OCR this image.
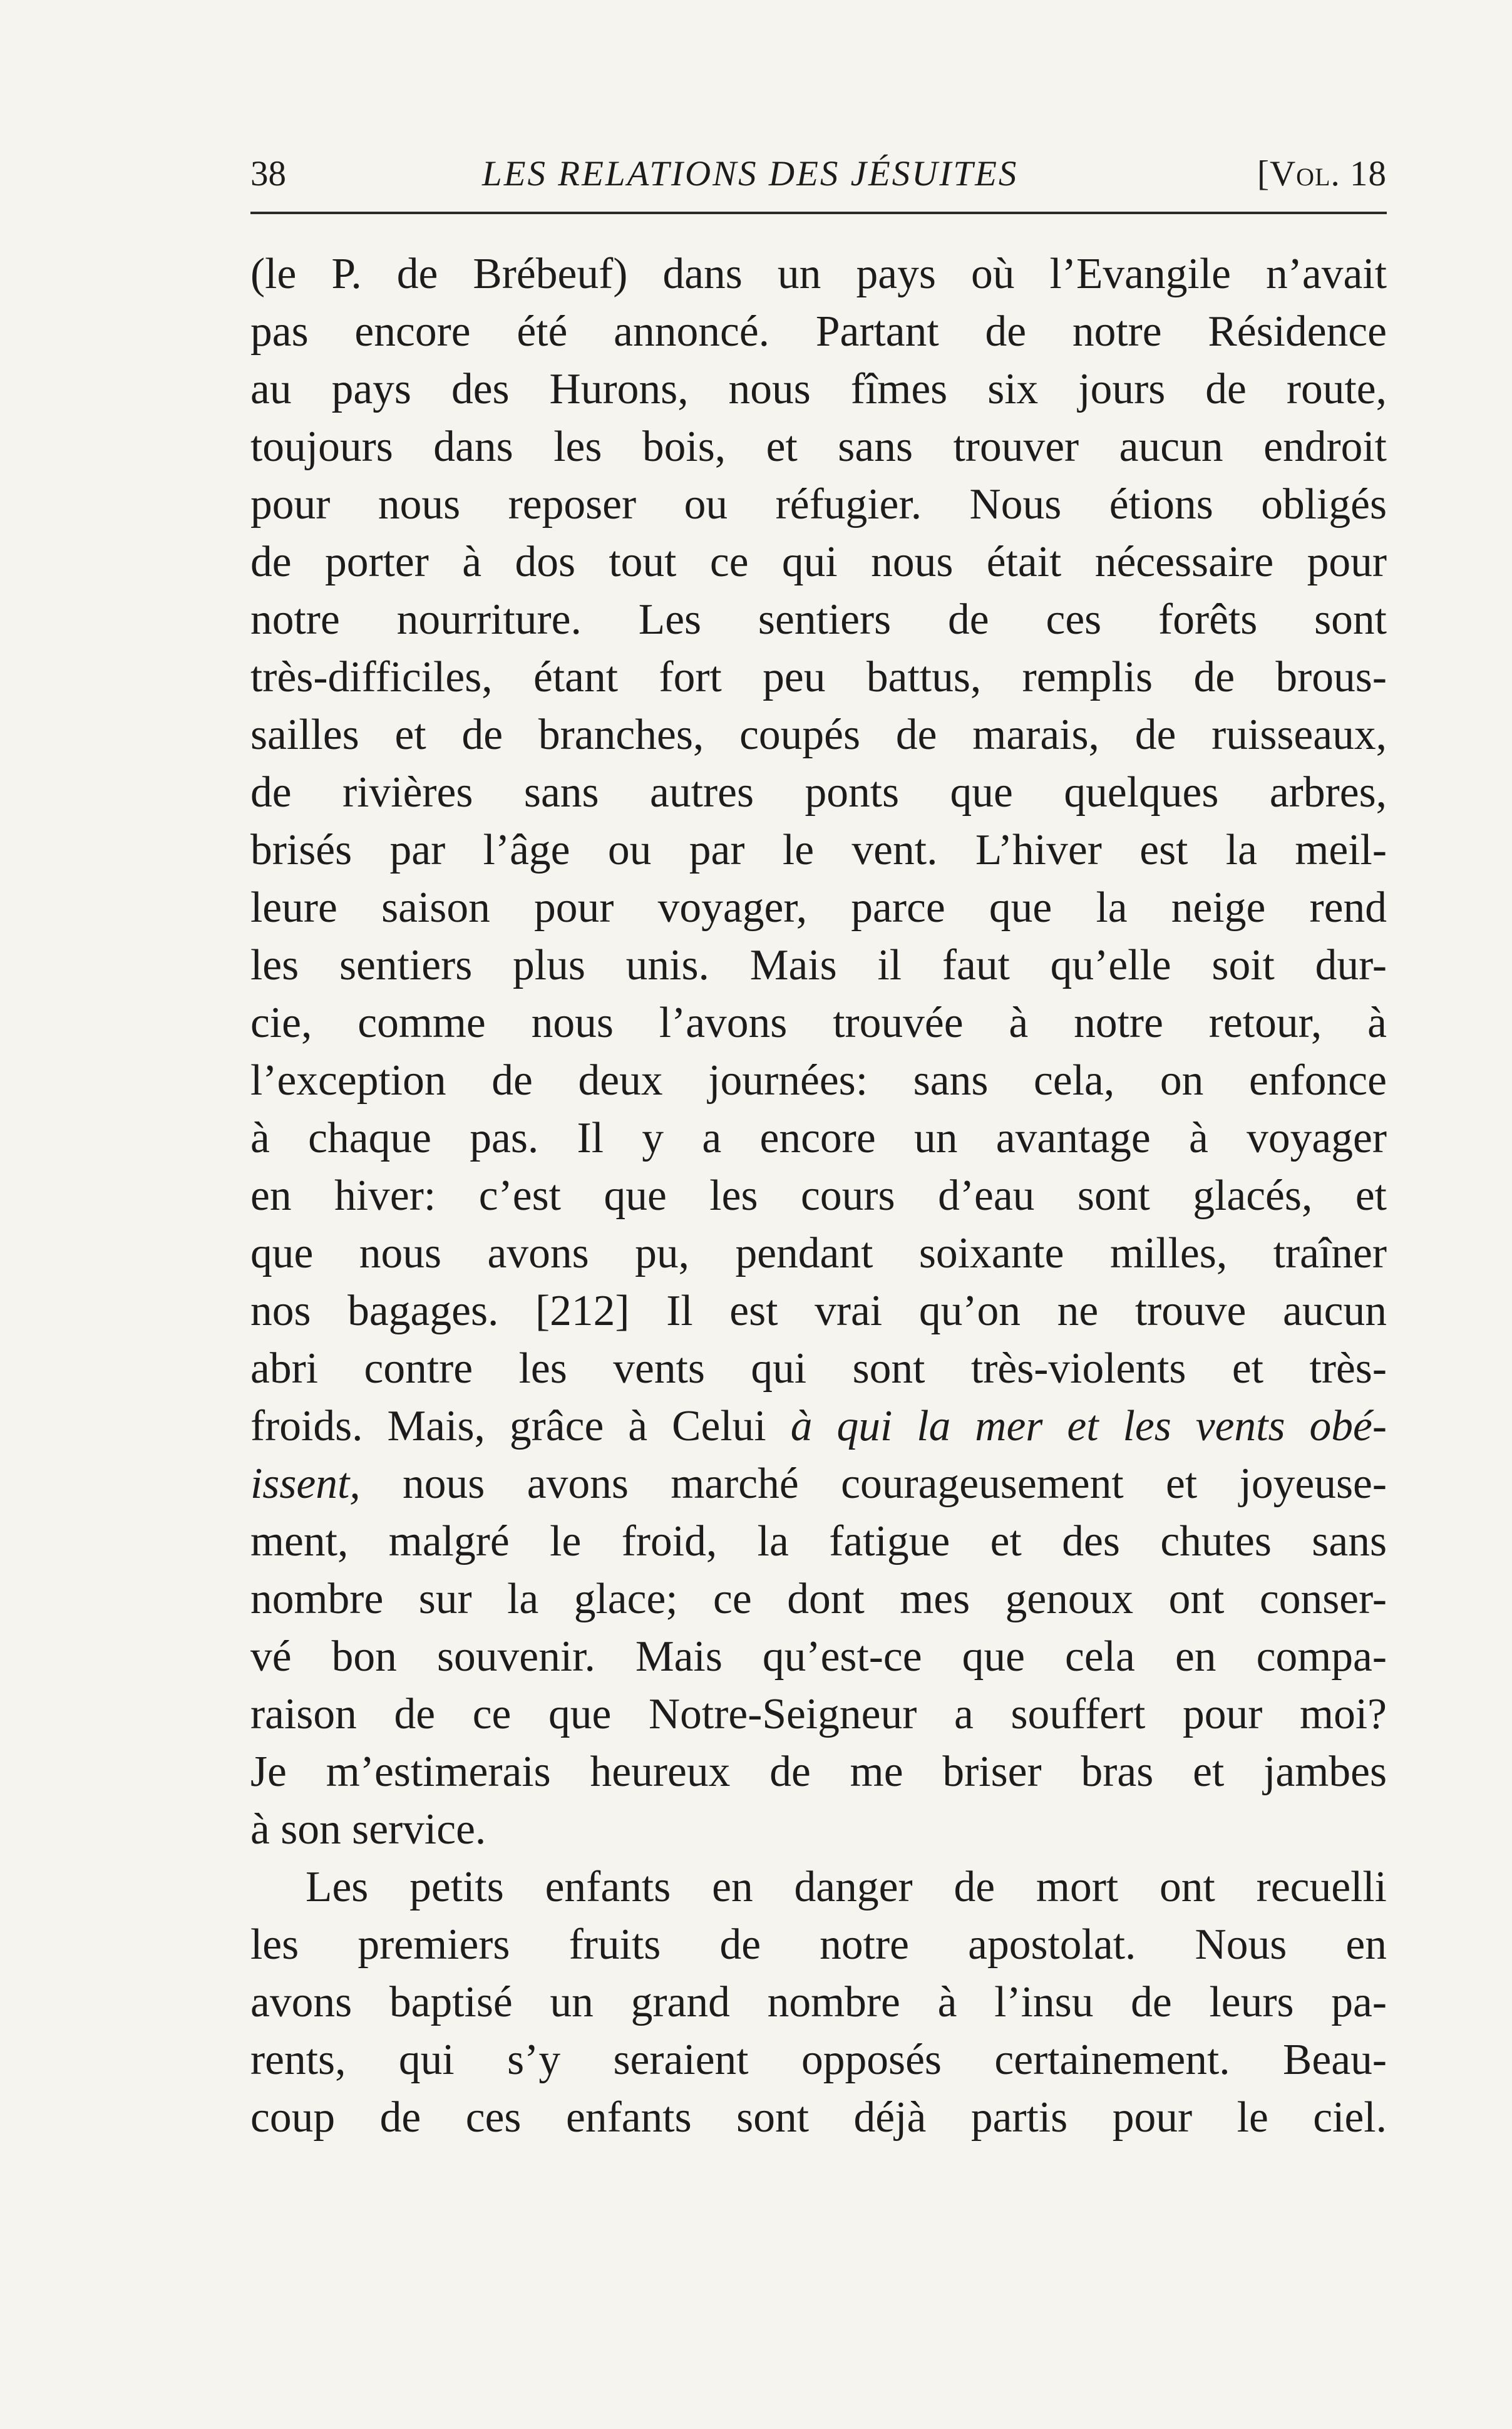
38	LES RELATIONS DES JÉSUITES	[Vol. 18
(le P. de Brébeuf) dans un pays où l’Evangile n’avait
pas encore été annoncé. Partant de notre Résidence
au pays des Hurons, nous fîmes six jours de route,
toujours dans les bois, et sans trouver aucun endroit
pour nous reposer ou réfugier. Nous étions obligés
de porter à dos tout ce qui nous était nécessaire pour
notre nourriture. Les sentiers de ces forêts sont
très-difficiles, étant fort peu battus, remplis de brous-
sailles et de branches, coupés de marais, de ruisseaux,
de rivières sans autres ponts que quelques arbres,
brisés par l’âge ou par le vent. L’hiver est la meil-
leure saison pour voyager, parce que la neige rend
les sentiers plus unis. Mais il faut qu’elle soit dur-
cie, comme nous l’avons trouvée à notre retour, à
l’exception de deux journées: sans cela, on enfonce
à chaque pas. Il y a encore un avantage à voyager
en hiver: c’est que les cours d’eau sont glacés, et
que nous avons pu, pendant soixante milles, traîner
nos bagages. [212] Il est vrai qu’on ne trouve aucun
abri contre les vents qui sont très-violents et très-
froids. Mais, grâce à Celui à qui la mer et les vents obé-
issent, nous avons marché courageusement et joyeuse-
ment, malgré le froid, la fatigue et des chutes sans
nombre sur la glace; ce dont mes genoux ont conser-
vé bon souvenir. Mais qu’est-ce que cela en compa-
raison de ce que Notre-Seigneur a souffert pour moi?
Je m’estimerais heureux de me briser bras et jambes
à son service.
Les petits enfants en danger de mort ont recuelli
les premiers fruits de notre apostolat. Nous en
avons baptisé un grand nombre à l’insu de leurs pa-
rents, qui s’y seraient opposés certainement. Beau-
coup de ces enfants sont déjà partis pour le ciel.
